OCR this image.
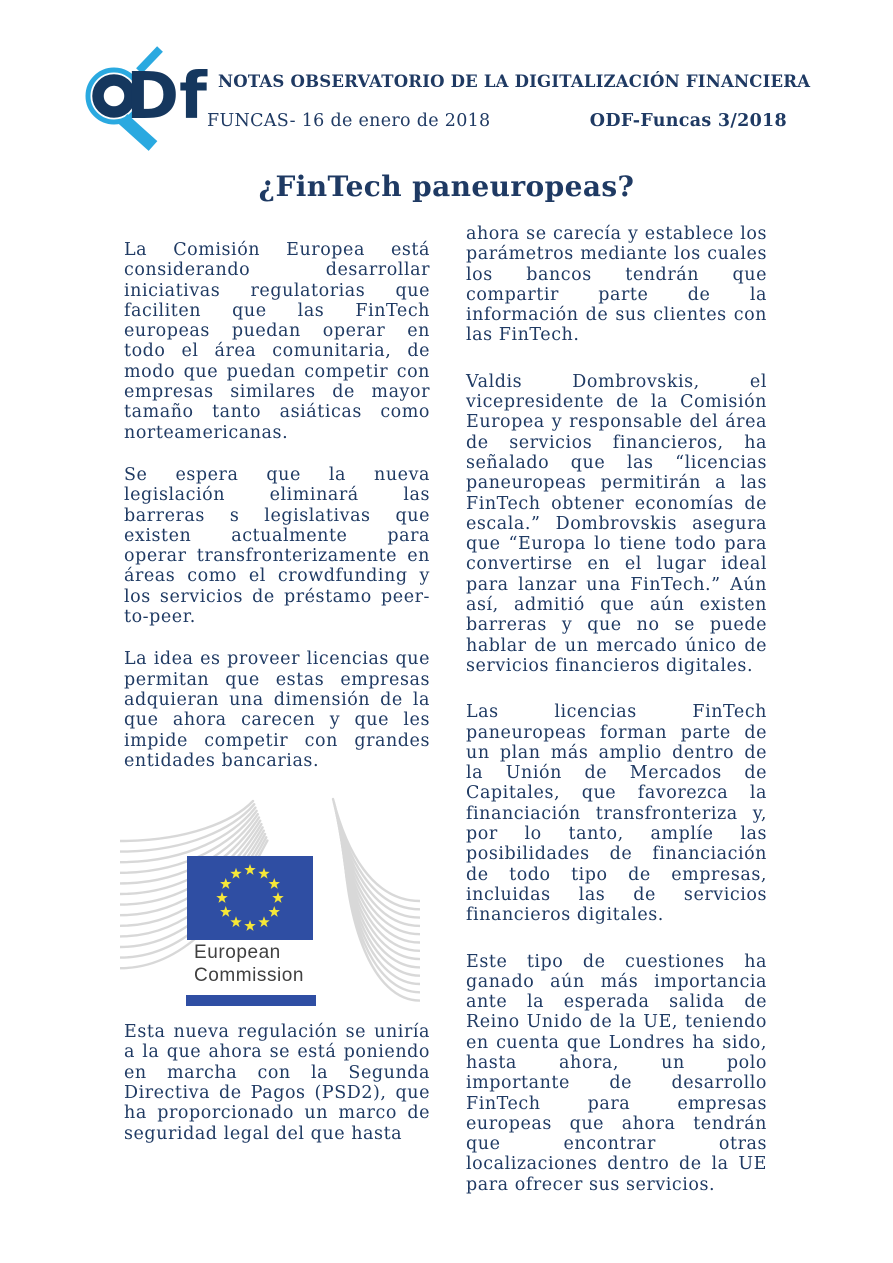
Df NOTAS OBSERVATORIO DE LA DIGITALIZACIÓN FINANCIERA
FUNCAS- 16 de enero de 2018	ODF-Funcas 3/2018
¿FinTech paneuropeas?

La Comisión Europea está considerando desarrollar iniciativas regulatorias que faciliten que las FinTech europeas puedan operar en todo el área comunitaria, de modo que puedan competir con empresas similares de mayor tamaño tanto asiáticas como norteamericanas.

Se espera que la nueva legislación eliminará las barreras s legislativas que existen actualmente para operar transfronterizamente en áreas como el crowdfunding y los servicios de préstamo peer-to-peer.

La idea es proveer licencias que permitan que estas empresas adquieran una dimensión de la que ahora carecen y que les impide competir con grandes entidades bancarias.

European
Commission

Esta nueva regulación se uniría a la que ahora se está poniendo en marcha con la Segunda Directiva de Pagos (PSD2), que ha proporcionado un marco de seguridad legal del que hasta

ahora se carecía y establece los parámetros mediante los cuales los bancos tendrán que compartir parte de la información de sus clientes con las FinTech.

Valdis Dombrovskis, el vicepresidente de la Comisión Europea y responsable del área de servicios financieros, ha señalado que las “licencias paneuropeas permitirán a las FinTech obtener economías de escala.” Dombrovskis asegura que “Europa lo tiene todo para convertirse en el lugar ideal para lanzar una FinTech.” Aún así, admitió que aún existen barreras y que no se puede hablar de un mercado único de servicios financieros digitales.

Las licencias FinTech paneuropeas forman parte de un plan más amplio dentro de la Unión de Mercados de Capitales, que favorezca la financiación transfronteriza y, por lo tanto, amplíe las posibilidades de financiación de todo tipo de empresas, incluidas las de servicios financieros digitales.

Este tipo de cuestiones ha ganado aún más importancia ante la esperada salida de Reino Unido de la UE, teniendo en cuenta que Londres ha sido, hasta ahora, un polo importante de desarrollo FinTech para empresas europeas que ahora tendrán que encontrar otras localizaciones dentro de la UE para ofrecer sus servicios.
